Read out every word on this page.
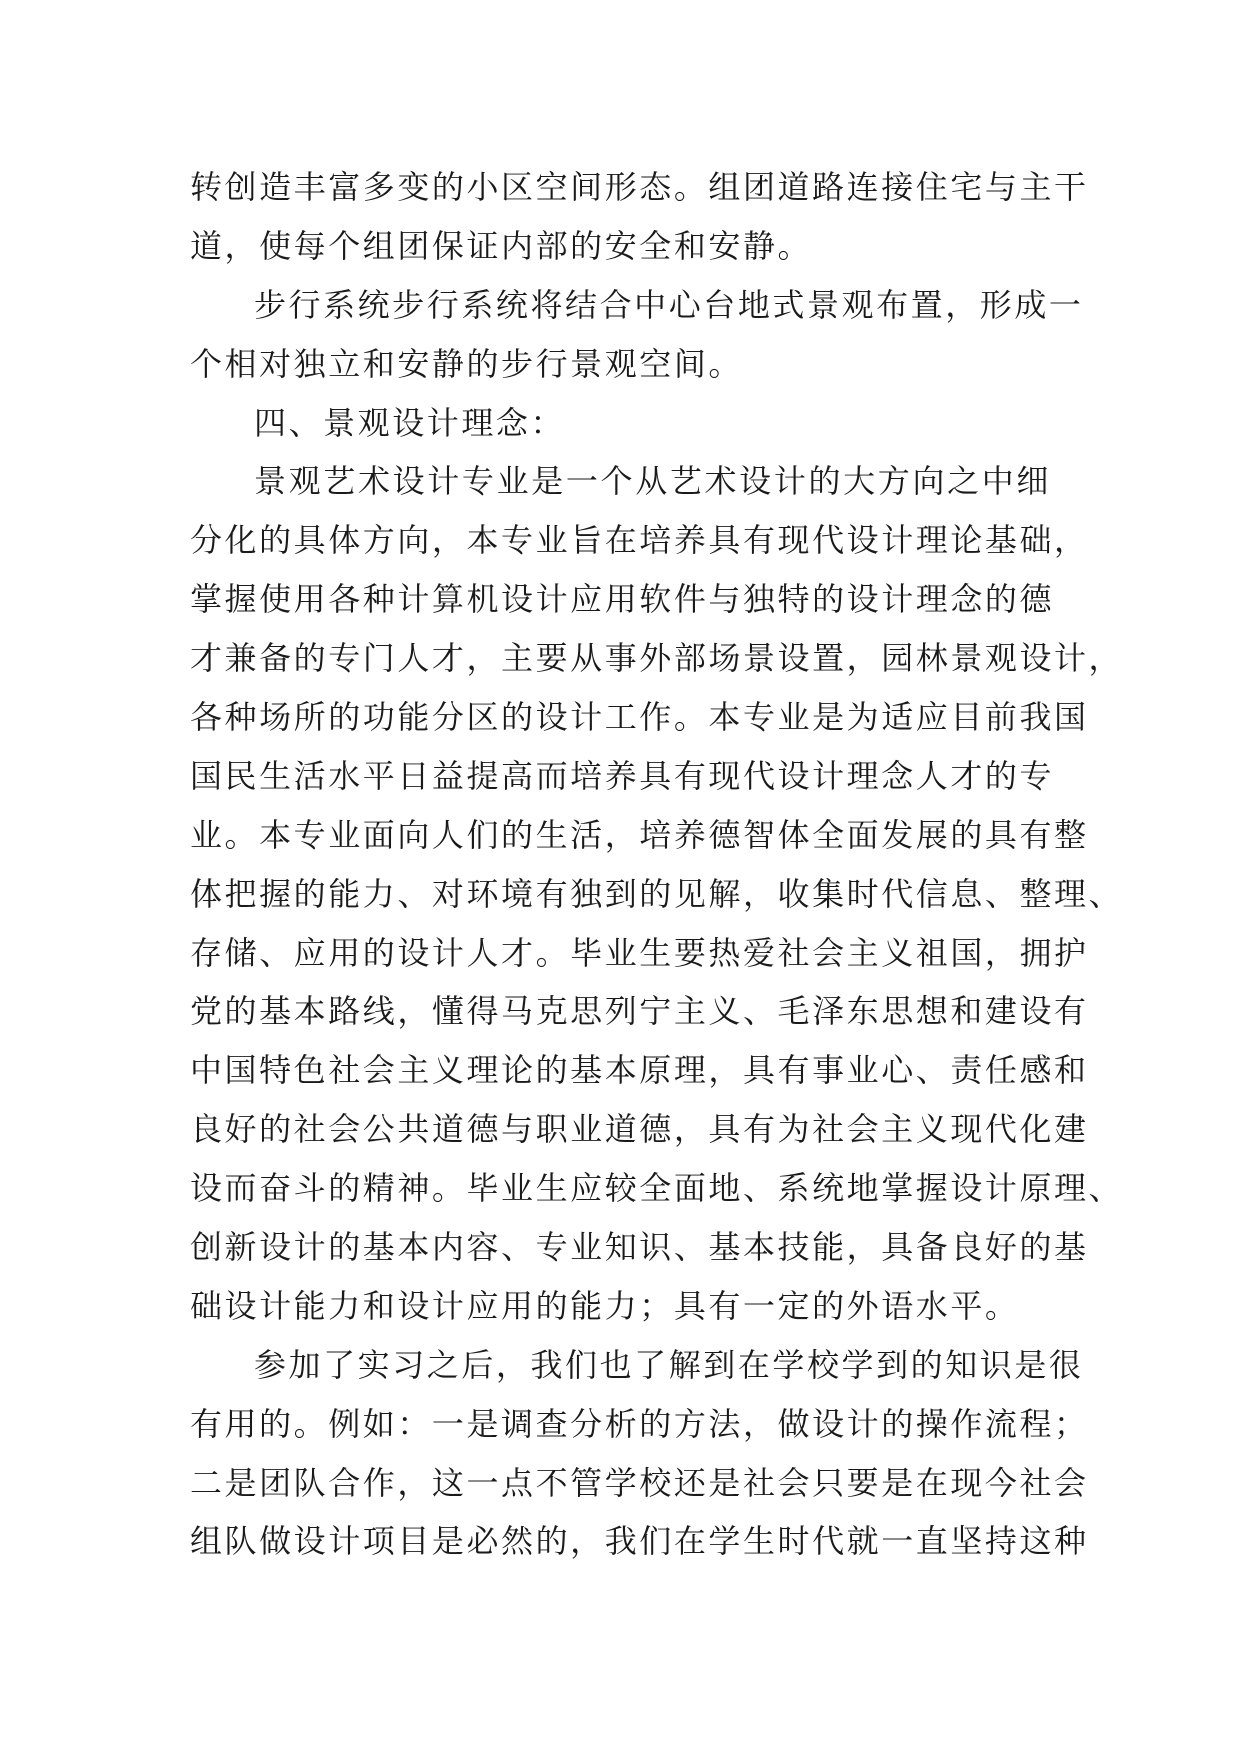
转创造丰富多变的小区空间形态。组团道路连接住宅与主干
道，使每个组团保证内部的安全和安静。
步行系统步行系统将结合中心台地式景观布置，形成一
个相对独立和安静的步行景观空间。
四、景观设计理念：
景观艺术设计专业是一个从艺术设计的大方向之中细
分化的具体方向，本专业旨在培养具有现代设计理论基础，
掌握使用各种计算机设计应用软件与独特的设计理念的德
才兼备的专门人才，主要从事外部场景设置，园林景观设计，
各种场所的功能分区的设计工作。本专业是为适应目前我国
国民生活水平日益提高而培养具有现代设计理念人才的专
业。本专业面向人们的生活，培养德智体全面发展的具有整
体把握的能力、对环境有独到的见解，收集时代信息、整理、
存储、应用的设计人才。毕业生要热爱社会主义祖国，拥护
党的基本路线，懂得马克思列宁主义、毛泽东思想和建设有
中国特色社会主义理论的基本原理，具有事业心、责任感和
良好的社会公共道德与职业道德，具有为社会主义现代化建
设而奋斗的精神。毕业生应较全面地、系统地掌握设计原理、
创新设计的基本内容、专业知识、基本技能，具备良好的基
础设计能力和设计应用的能力；具有一定的外语水平。
参加了实习之后，我们也了解到在学校学到的知识是很
有用的。例如：一是调查分析的方法，做设计的操作流程；
二是团队合作，这一点不管学校还是社会只要是在现今社会
组队做设计项目是必然的，我们在学生时代就一直坚持这种
